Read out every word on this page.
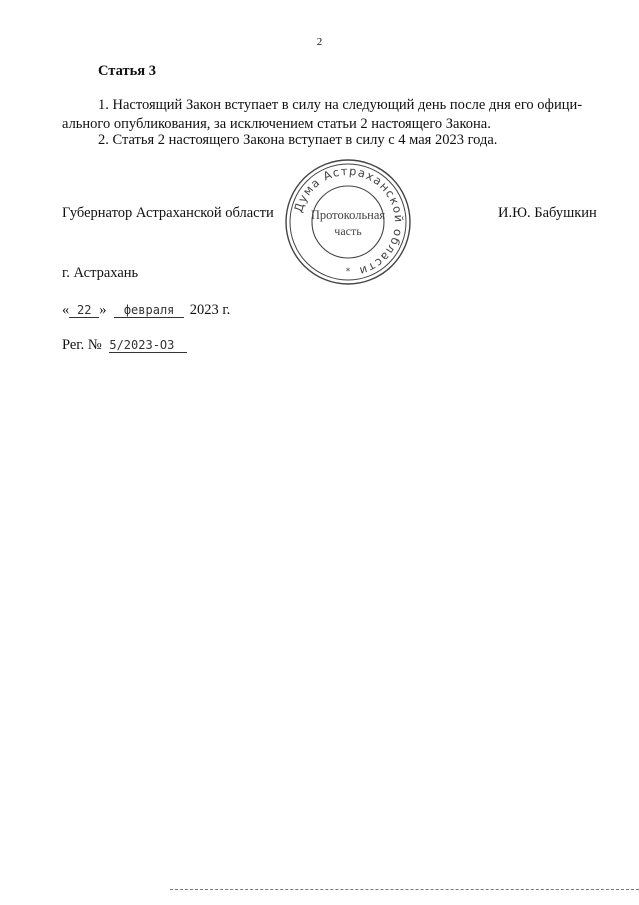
2
Статья 3
1. Настоящий Закон вступает в силу на следующий день после дня его офици-
ального опубликования, за исключением статьи 2 настоящего Закона.
2. Статья 2 настоящего Закона вступает в силу с 4 мая 2023 года.
Губернатор Астраханской области Дума Астраханской области
Протокольная
часть
*
И.Ю. Бабушкин
г. Астрахань
« 22 » февраля 2023 г.
Рег. № 5/2023-ОЗ
